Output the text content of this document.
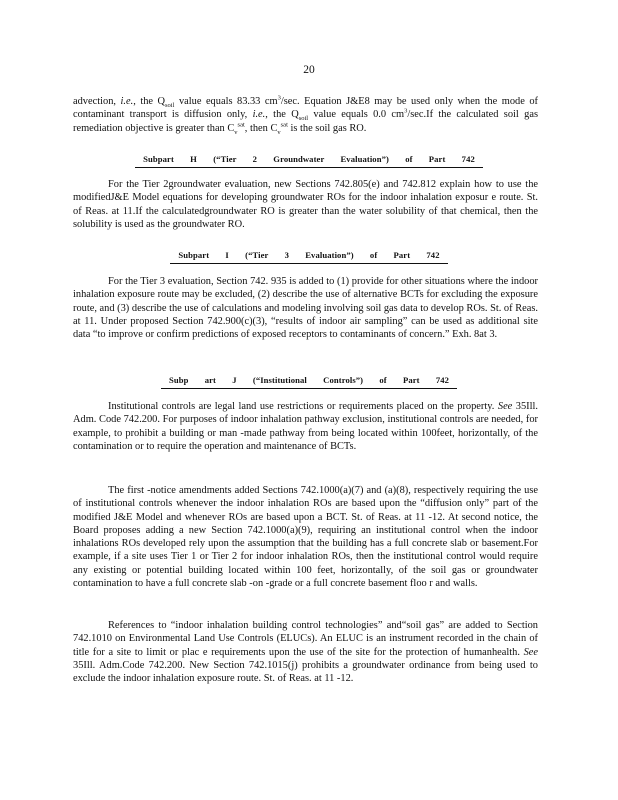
20

advection, i.e., the $Q_{soil}$ value equals 83.33 $cm^3/\sec$. Equation J&E8 may be used only when the mode of contaminant transport is diffusion only, i.e., the $Q_{soil}$ value equals 0.0 $cm^3/\sec.If$ the calculated soil gas remediation objective is greater than $C_v^{sat}$, then $C_v^{sat}$ is the soil gas RO.

Subpart H (“Tier 2 Groundwater Evaluation”) of Part 742

For the Tier 2groundwater evaluation, new Sections 742.805(e) and 742.812 explain how to use the modifiedJ&E Model equations for developing groundwater ROs for the indoor inhalation exposur e route. St. of Reas. at 11.If the calculatedgroundwater RO is greater than the water solubility of that chemical, then the solubility is used as the groundwater RO.

Subpart I (“Tier 3 Evaluation”) of Part 742

For the Tier 3 evaluation, Section 742. 935 is added to (1) provide for other situations where the indoor inhalation exposure route may be excluded, (2) describe the use of alternative BCTs for excluding the exposure route, and (3) describe the use of calculations and modeling involving soil gas data to develop ROs. St. of Reas. at 11. Under proposed Section 742.900(c)(3), “results of indoor air sampling” can be used as additional site data “to improve or confirm predictions of exposed receptors to contaminants of concern.” Exh. 8at 3.

Subp art J (“Institutional Controls”) of Part 742

Institutional controls are legal land use restrictions or requirements placed on the property. See 35Ill. Adm. Code 742.200. For purposes of indoor inhalation pathway exclusion, institutional controls are needed, for example, to prohibit a building or man -made pathway from being located within 100feet, horizontally, of the contamination or to require the operation and maintenance of BCTs.

The first -notice amendments added Sections 742.1000(a)(7) and (a)(8), respectively requiring the use of institutional controls whenever the indoor inhalation ROs are based upon the “diffusion only” part of the modified J&E Model and whenever ROs are based upon a BCT. St. of Reas. at 11 -12. At second notice, the Board proposes adding a new Section 742.1000(a)(9), requiring an institutional control when the indoor inhalations ROs developed rely upon the assumption that the building has a full concrete slab or basement.For example, if a site uses Tier 1 or Tier 2 for indoor inhalation ROs, then the institutional control would require any existing or potential building located within 100 feet, horizontally, of the soil gas or groundwater contamination to have a full concrete slab -on -grade or a full concrete basement floo r and walls.

References to “indoor inhalation building control technologies” and“soil gas” are added to Section 742.1010 on Environmental Land Use Controls (ELUCs). An ELUC is an instrument recorded in the chain of title for a site to limit or plac e requirements upon the use of the site for the protection of humanhealth. See 35Ill. Adm.Code 742.200. New Section 742.1015(j) prohibits a groundwater ordinance from being used to exclude the indoor inhalation exposure route. St. of Reas. at 11 -12.
